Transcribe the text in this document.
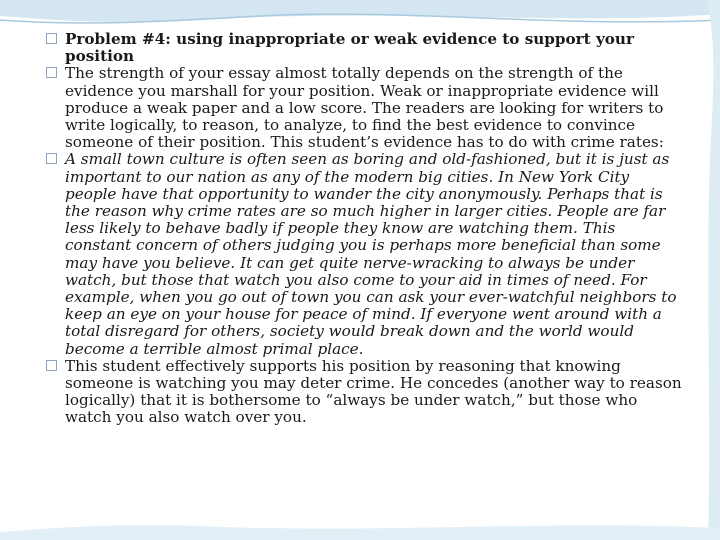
Problem #4: using inappropriate or weak evidence to support your position

The strength of your essay almost totally depends on the strength of the evidence you marshall for your position. Weak or inappropriate evidence will produce a weak paper and a low score. The readers are looking for writers to write logically, to reason, to analyze, to find the best evidence to convince someone of their position. This student’s evidence has to do with crime rates:

A small town culture is often seen as boring and old-fashioned, but it is just as important to our nation as any of the modern big cities. In New York City people have that opportunity to wander the city anonymously. Perhaps that is the reason why crime rates are so much higher in larger cities. People are far less likely to behave badly if people they know are watching them. This constant concern of others judging you is perhaps more beneficial than some may have you believe. It can get quite nerve-wracking to always be under watch, but those that watch you also come to your aid in times of need. For example, when you go out of town you can ask your ever-watchful neighbors to keep an eye on your house for peace of mind. If everyone went around with a total disregard for others, society would break down and the world would become a terrible almost primal place.

This student effectively supports his position by reasoning that knowing someone is watching you may deter crime. He concedes (another way to reason logically) that it is bothersome to “always be under watch,” but those who watch you also watch over you.
